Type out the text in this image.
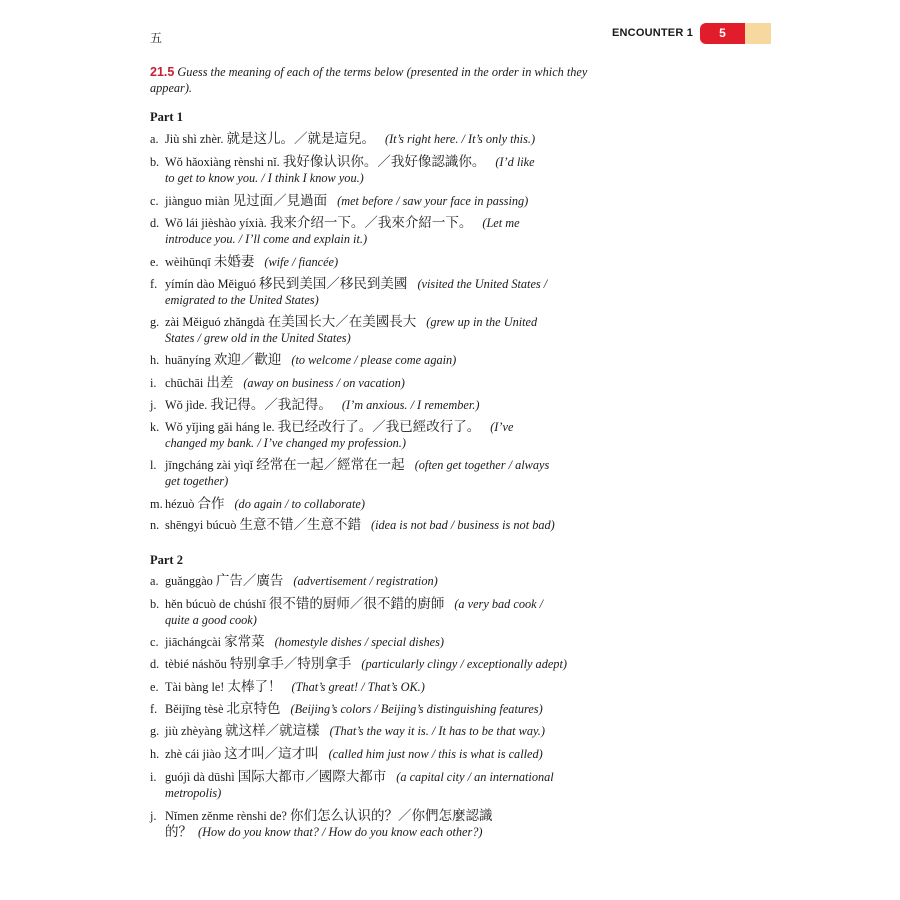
五	ENCOUNTER 1	5
21.5 Guess the meaning of each of the terms below (presented in the order in which they appear).
Part 1
a. Jiù shì zhèr. 就是这儿。／就是這兒。 (It’s right here. / It’s only this.)
b. Wǒ hǎoxiàng rènshi nǐ. 我好像认识你。／我好像認識你。 (I’d like
to get to know you. / I think I know you.)
c. jiànguo miàn 见过面／見過面 (met before / saw your face in passing)
d. Wǒ lái jièshào yíxià. 我来介绍一下。／我來介紹一下。 (Let me
introduce you. / I’ll come and explain it.)
e. wèihūnqī 未婚妻 (wife / fiancée)
f. yímín dào Měiguó 移民到美国／移民到美國 (visited the United States /
emigrated to the United States)
g. zài Měiguó zhǎngdà 在美国长大／在美國長大 (grew up in the United
States / grew old in the United States)
h. huānyíng 欢迎／歡迎 (to welcome / please come again)
i. chūchāi 出差 (away on business / on vacation)
j. Wǒ jìde. 我记得。／我記得。 (I’m anxious. / I remember.)
k. Wǒ yǐjing gǎi háng le. 我已经改行了。／我已經改行了。 (I’ve
changed my bank. / I’ve changed my profession.)
l. jīngcháng zài yìqǐ 经常在一起／經常在一起 (often get together / always
get together)
m. hézuò 合作 (do again / to collaborate)
n. shēngyi búcuò 生意不错／生意不錯 (idea is not bad / business is not bad)
Part 2
a. guǎnggào 广告／廣告 (advertisement / registration)
b. hěn búcuò de chúshī 很不错的厨师／很不錯的廚師 (a very bad cook /
quite a good cook)
c. jiāchángcài 家常菜 (homestyle dishes / special dishes)
d. tèbié náshǒu 特别拿手／特別拿手 (particularly clingy / exceptionally adept)
e. Tài bàng le! 太棒了！ (That’s great! / That’s OK.)
f. Běijīng tèsè 北京特色 (Beijing’s colors / Beijing’s distinguishing features)
g. jiù zhèyàng 就这样／就這樣 (That’s the way it is. / It has to be that way.)
h. zhè cái jiào 这才叫／這才叫 (called him just now / this is what is called)
i. guójì dà dūshì 国际大都市／國際大都市 (a capital city / an international
metropolis)
j. Nǐmen zěnme rènshi de? 你们怎么认识的？／你們怎麼認識
的？ (How do you know that? / How do you know each other?)
